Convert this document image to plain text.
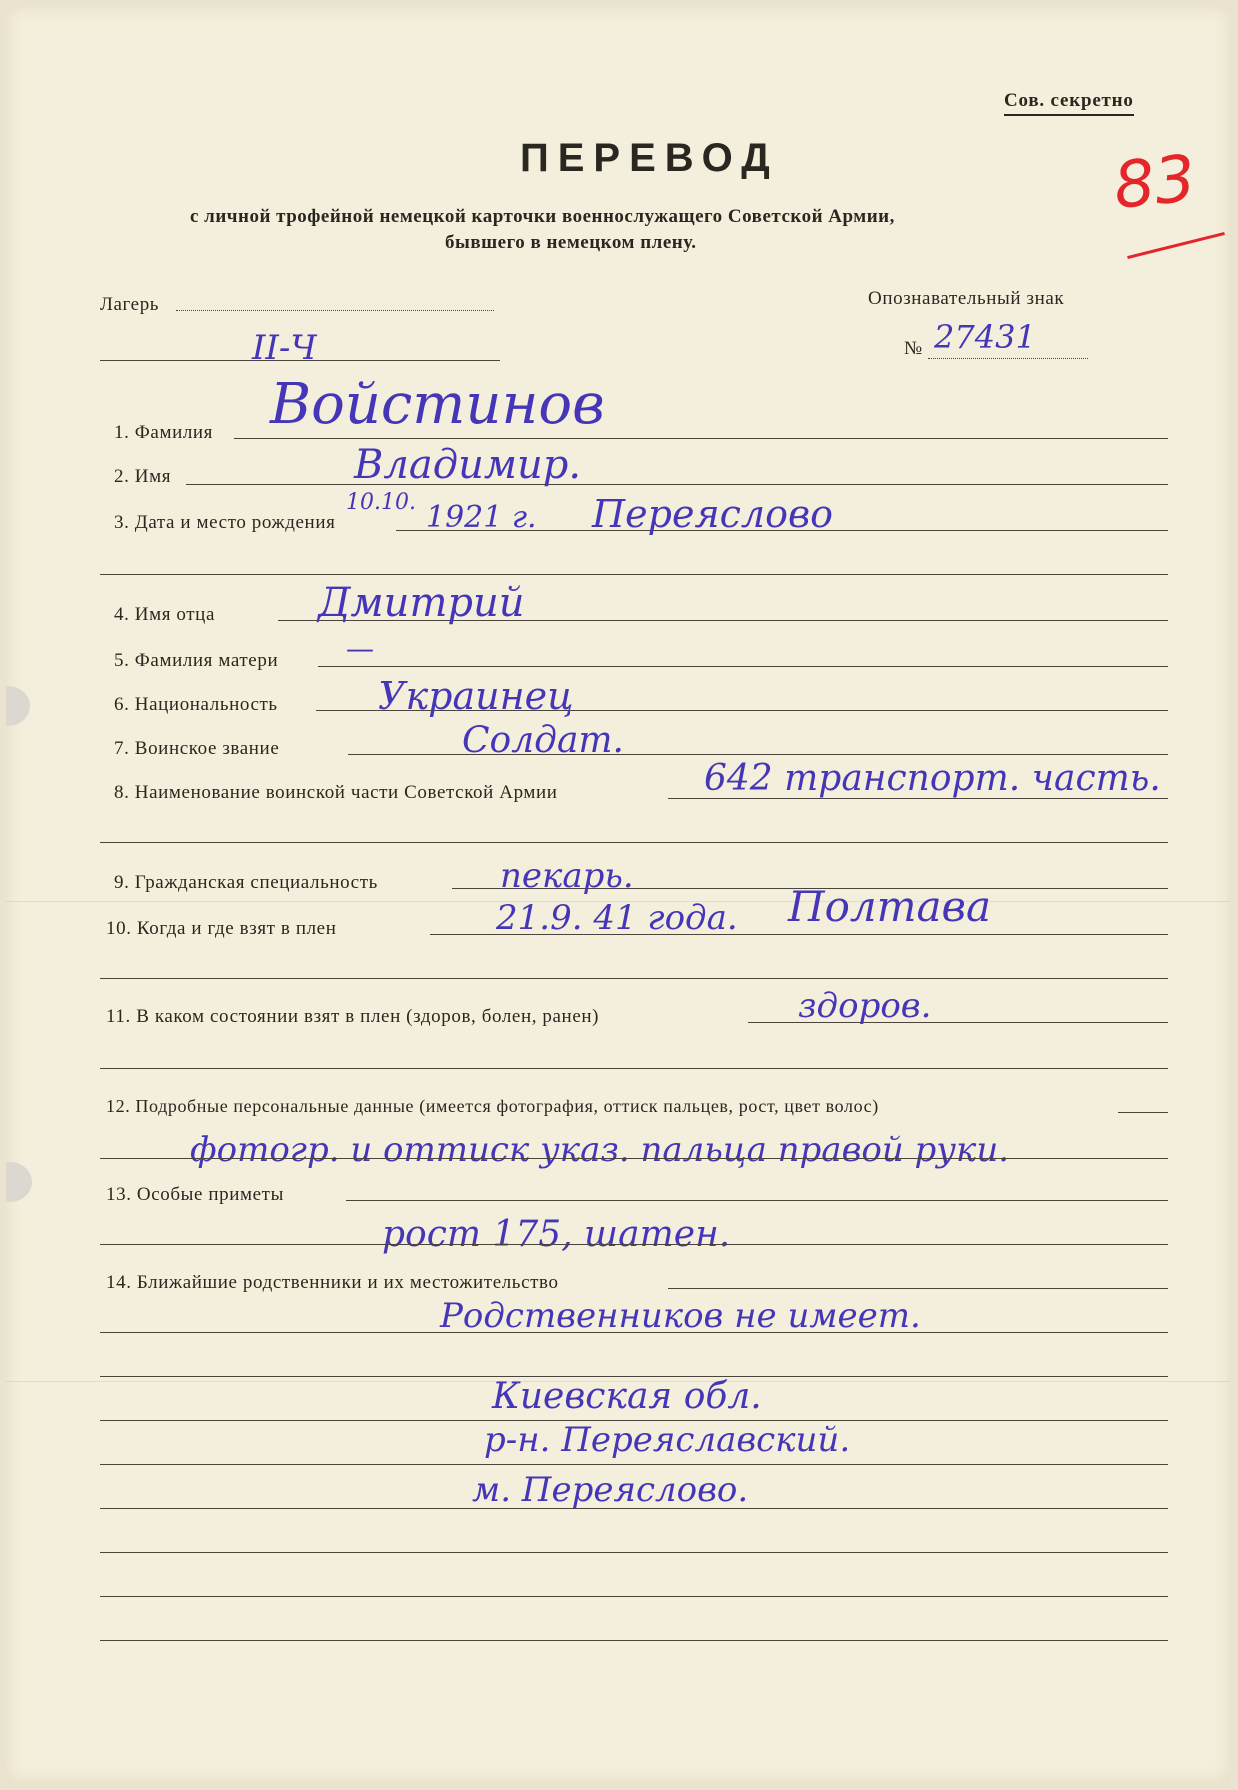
Сов. секретно
ПЕРЕВОД
с личной трофейной немецкой карточки военнослужащего Советской Армии,
бывшего в немецком плену.
83
Лагерь
II-Ч
Опознавательный знак
№ 27431
1. Фамилия Войстинов
2. Имя	Владимир.
3. Дата и место рождения
10.10. 1921 г. Переяслово
4. Имя отца	Дмитрий
5. Фамилия матери —
6. Национальность	Украинец
7. Воинское звание	Солдат.
8. Наименование воинской части Советской Армии	642 транспорт. часть.
9. Гражданская специальность	пекарь.
10. Когда и где взят в плен	21.9. 41 года. Полтава
11. В каком состоянии взят в плен (здоров, болен, ранен)	здоров.
12. Подробные персональные данные (имеется фотография, оттиск пальцев, рост, цвет волос)
фотогр. и оттиск указ. пальца правой руки.
13. Особые приметы
рост 175, шатен.
14. Ближайшие родственники и их местожительство
Родственников не имеет.
Киевская обл.
р-н. Переяславский.
м. Переяслово.
